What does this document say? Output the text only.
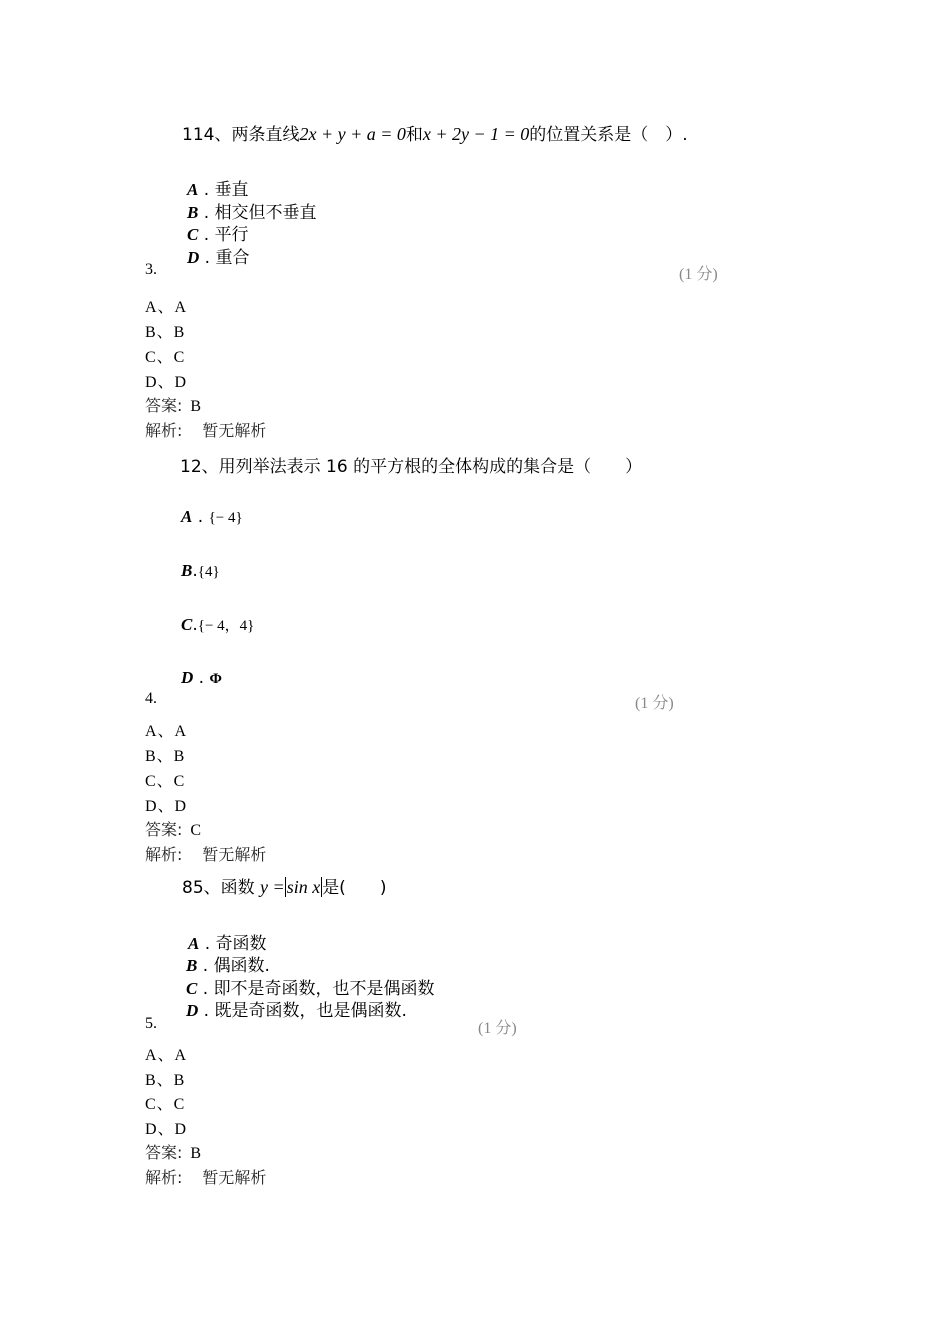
114、两条直线2x + y + a = 0和x + 2y − 1 = 0的位置关系是（　）.
A . 垂直
B . 相交但不垂直
C . 平行
D . 重合
3.	(1 分)
A、A
B、B
C、C
D、D
答案: B
解析: 暂无解析
12、用列举法表示 16 的平方根的全体构成的集合是（　　）
A . {− 4}
B.{4}
C.{− 4，4}
D . Φ
4.	(1 分)
A、A
B、B
C、C
D、D
答案: C
解析: 暂无解析
85、函数 y = sin x 是(　　)
A . 奇函数
B . 偶函数.
C . 即不是奇函数，也不是偶函数
D . 既是奇函数，也是偶函数.
5.	(1 分)
A、A
B、B
C、C
D、D
答案: B
解析: 暂无解析
